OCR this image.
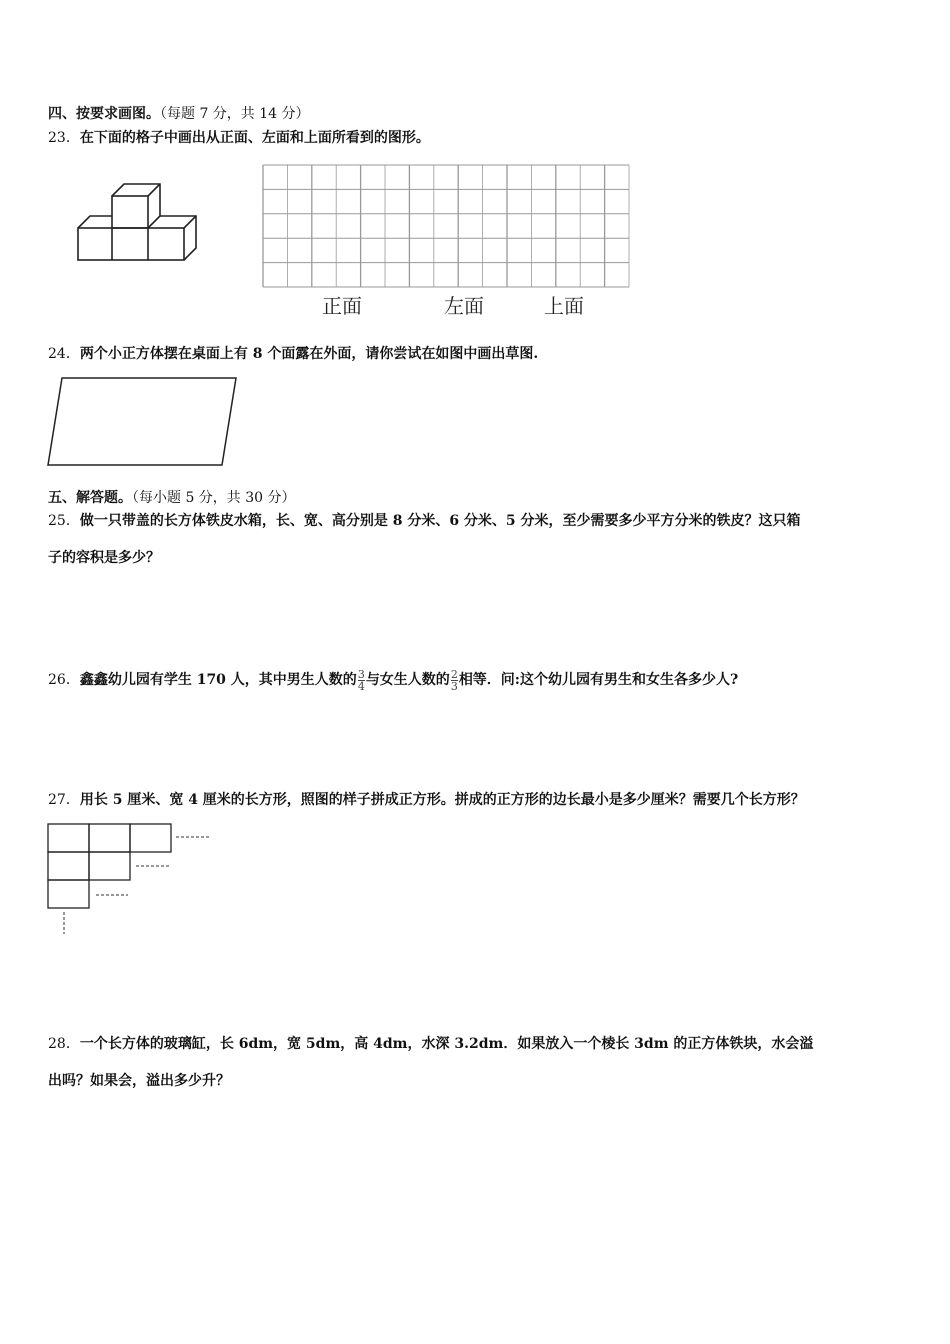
四、按要求画图。（每题 7 分，共 14 分）
23．在下面的格子中画出从正面、左面和上面所看到的图形。
正面	左面	上面
24．两个小正方体摆在桌面上有 8 个面露在外面，请你尝试在如图中画出草图.
五、解答题。（每小题 5 分，共 30 分）
25．做一只带盖的长方体铁皮水箱，长、宽、高分别是 8 分米、6 分米、5 分米，至少需要多少平方分米的铁皮？这只箱
子的容积是多少？
26．鑫鑫幼儿园有学生 170 人，其中男生人数的 $\frac{3}{4}$ 与女生人数的 $\frac{2}{3}$ 相等．问:这个幼儿园有男生和女生各多少人?
27．用长 5 厘米、宽 4 厘米的长方形，照图的样子拼成正方形。拼成的正方形的边长最小是多少厘米？需要几个长方形？
28．一个长方体的玻璃缸，长 6dm，宽 5dm，高 4dm，水深 3.2dm．如果放入一个棱长 3dm 的正方体铁块，水会溢
出吗？如果会，溢出多少升？
